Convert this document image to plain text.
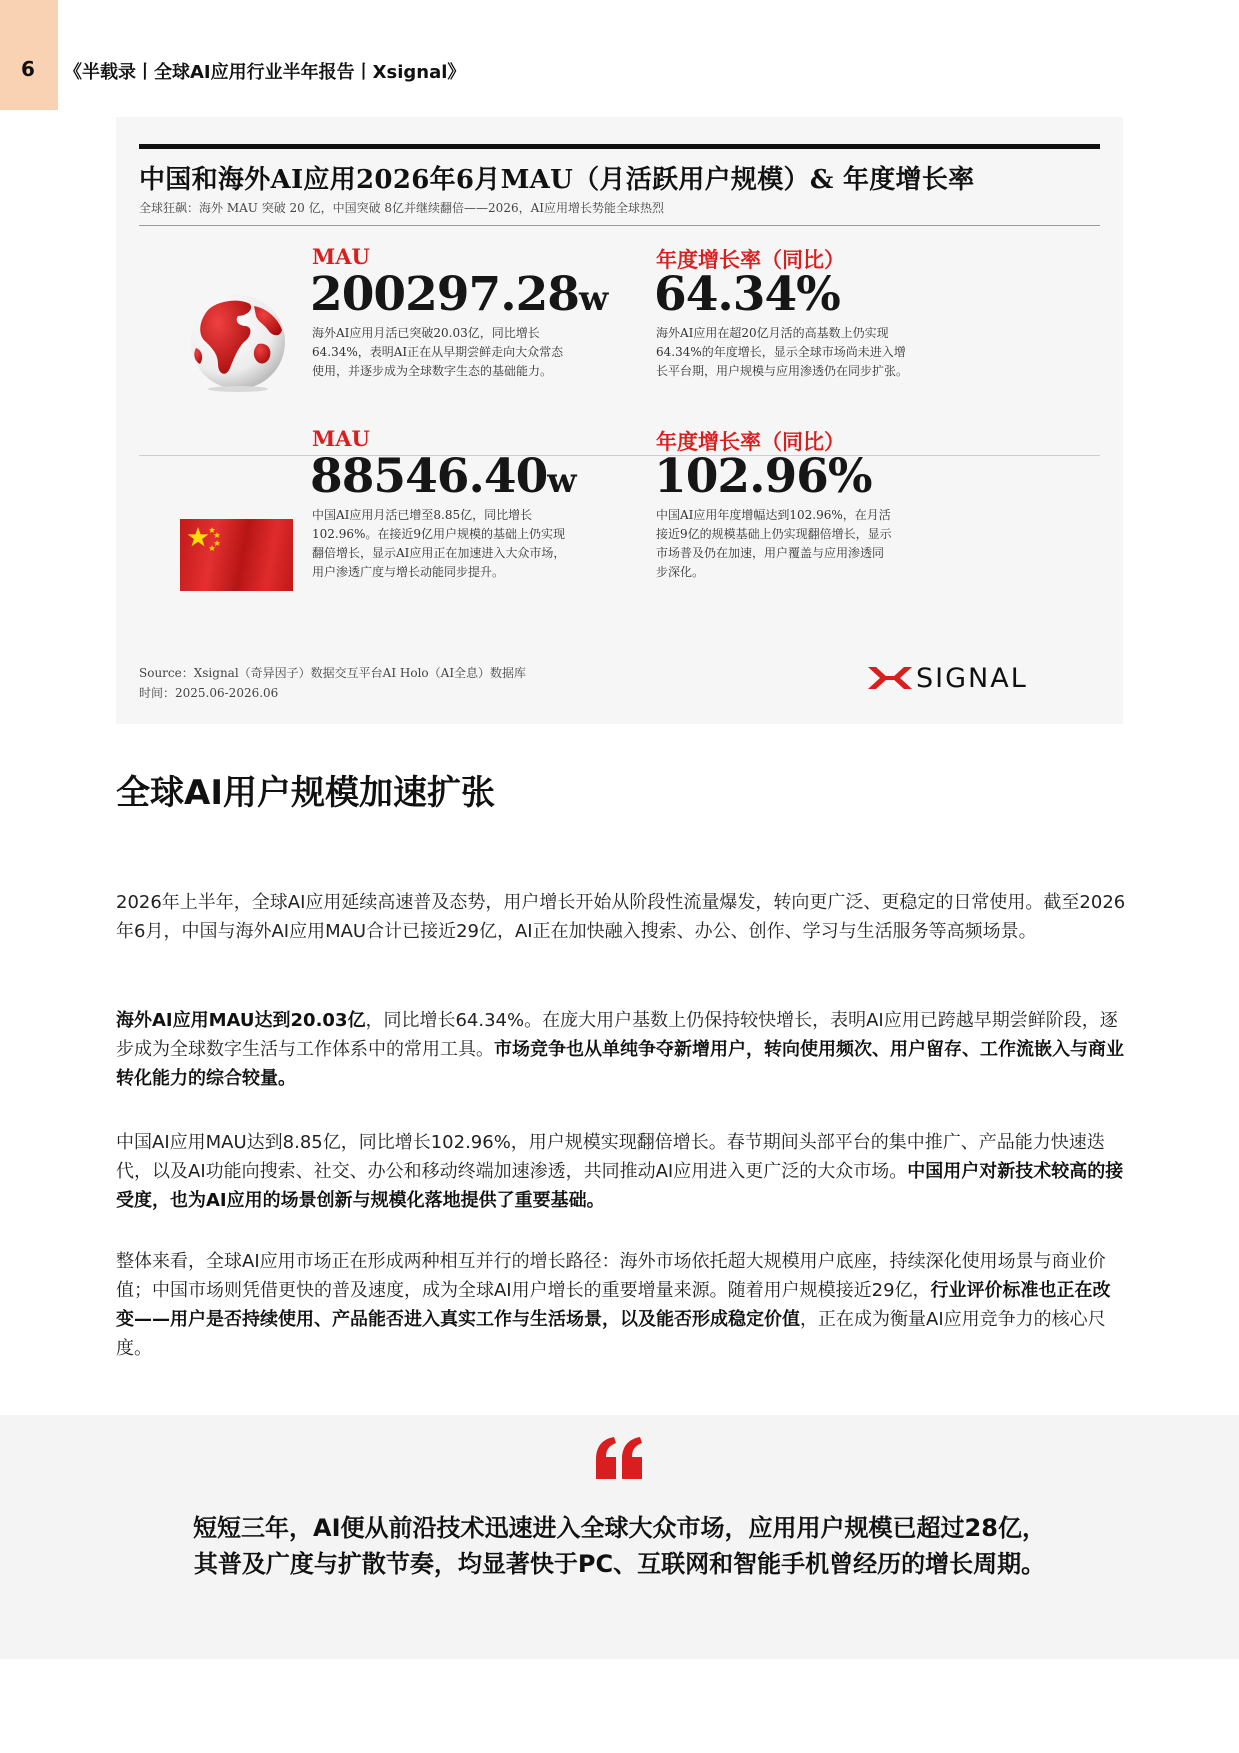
6 《半载录丨全球AI应用行业半年报告丨Xsignal》
中国和海外AI应用2026年6月MAU（月活跃用户规模）& 年度增长率
全球狂飙：海外 MAU 突破 20 亿，中国突破 8亿并继续翻倍——2026，AI应用增长势能全球热烈
MAU
200297.28w
海外AI应用月活已突破20.03亿，同比增长
64.34%，表明AI正在从早期尝鲜走向大众常态
使用，并逐步成为全球数字生态的基础能力。
年度增长率（同比）
64.34%
海外AI应用在超20亿月活的高基数上仍实现
64.34%的年度增长，显示全球市场尚未进入增
长平台期，用户规模与应用渗透仍在同步扩张。
MAU
88546.40w
中国AI应用月活已增至8.85亿，同比增长
102.96%。在接近9亿用户规模的基础上仍实现
翻倍增长，显示AI应用正在加速进入大众市场，
用户渗透广度与增长动能同步提升。
年度增长率（同比）
102.96%
中国AI应用年度增幅达到102.96%，在月活
接近9亿的规模基础上仍实现翻倍增长，显示
市场普及仍在加速，用户覆盖与应用渗透同
步深化。
Source：Xsignal（奇异因子）数据交互平台AI Holo（AI全息）数据库
时间：2025.06-2026.06	SIGNAL
全球AI用户规模加速扩张

2026年上半年，全球AI应用延续高速普及态势，用户增长开始从阶段性流量爆发，转向更广泛、更稳定的日常使用。截至2026年6月，中国与海外AI应用MAU合计已接近29亿，AI正在加快融入搜索、办公、创作、学习与生活服务等高频场景。

海外AI应用MAU达到20.03亿，同比增长64.34%。在庞大用户基数上仍保持较快增长，表明AI应用已跨越早期尝鲜阶段，逐步成为全球数字生活与工作体系中的常用工具。市场竞争也从单纯争夺新增用户，转向使用频次、用户留存、工作流嵌入与商业转化能力的综合较量。

中国AI应用MAU达到8.85亿，同比增长102.96%，用户规模实现翻倍增长。春节期间头部平台的集中推广、产品能力快速迭代，以及AI功能向搜索、社交、办公和移动终端加速渗透，共同推动AI应用进入更广泛的大众市场。中国用户对新技术较高的接受度，也为AI应用的场景创新与规模化落地提供了重要基础。

整体来看，全球AI应用市场正在形成两种相互并行的增长路径：海外市场依托超大规模用户底座，持续深化使用场景与商业价值；中国市场则凭借更快的普及速度，成为全球AI用户增长的重要增量来源。随着用户规模接近29亿，行业评价标准也正在改变——用户是否持续使用、产品能否进入真实工作与生活场景，以及能否形成稳定价值，正在成为衡量AI应用竞争力的核心尺度。

短短三年，AI便从前沿技术迅速进入全球大众市场，应用用户规模已超过28亿，
其普及广度与扩散节奏，均显著快于PC、互联网和智能手机曾经历的增长周期。
